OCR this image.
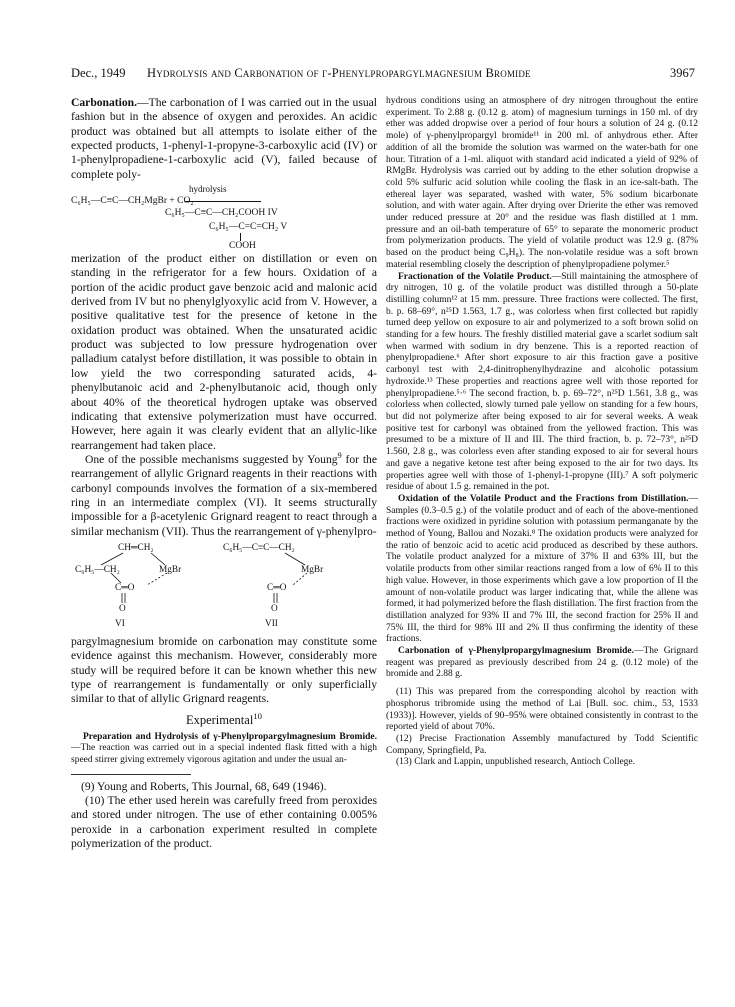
Dec., 1949 Hydrolysis and Carbonation of γ-Phenylpropargylmagnesium Bromide	3967

Carbonation.—The carbonation of I was carried out in the usual fashion but in the absence of oxygen and peroxides. An acidic product was obtained but all attempts to isolate either of the expected products, 1-phenyl-1-propyne-3-carboxylic acid (IV) or 1-phenylpropadiene-1-carboxylic acid (V), failed because of complete poly-

C₆H₅—C≡C—CH₂MgBr + CO₂
hydrolysis
C₆H₅—C≡C—CH₂COOH IV
C₆H₅—C=C=CH₂ V
COOH

merization of the product either on distillation or even on standing in the refrigerator for a few hours. Oxidation of a portion of the acidic product gave benzoic acid and malonic acid derived from IV but no phenylglyoxylic acid from V. However, a positive qualitative test for the presence of ketone in the oxidation product was obtained. When the unsaturated acidic product was subjected to low pressure hydrogenation over palladium catalyst before distillation, it was possible to obtain in low yield the two corresponding saturated acids, 4-phenylbutanoic acid and 2-phenylbutanoic acid, though only about 40% of the theoretical hydrogen uptake was observed indicating that extensive polymerization must have occurred. However, here again it was clearly evident that an allylic-like rearrangement had taken place.

One of the possible mechanisms suggested by Young$^9$ for the rearrangement of allylic Grignard reagents in their reactions with carbonyl compounds involves the formation of a six-membered ring in an intermediate complex (VI). It seems structurally impossible for a β-acetylenic Grignard reagent to react through a similar mechanism (VII). Thus the rearrangement of γ-phenylpro-

CH═CH₂
C₆H₅—CH₂	MgBr
C═O
O
VI
C₆H₅—C≡C—CH₂
MgBr
C═O
O
VII

pargylmagnesium bromide on carbonation may constitute some evidence against this mechanism. However, considerably more study will be required before it can be known whether this new type of rearrangement is fundamentally or only superficially similar to that of allylic Grignard reagents.

Experimental$^{10}$

Preparation and Hydrolysis of γ-Phenylpropargylmagnesium Bromide.—The reaction was carried out in a special indented flask fitted with a high speed stirrer giving extremely vigorous agitation and under the usual an-

(9) Young and Roberts, This Journal, 68, 649 (1946).

(10) The ether used herein was carefully freed from peroxides and stored under nitrogen. The use of ether containing 0.005% peroxide in a carbonation experiment resulted in complete polymerization of the product.

hydrous conditions using an atmosphere of dry nitrogen throughout the entire experiment. To 2.88 g. (0.12 g. atom) of magnesium turnings in 150 ml. of dry ether was added dropwise over a period of four hours a solution of 24 g. (0.12 mole) of γ-phenylpropargyl bromide¹¹ in 200 ml. of anhydrous ether. After addition of all the bromide the solution was warmed on the water-bath for one hour. Titration of a 1-ml. aliquot with standard acid indicated a yield of 92% of RMgBr. Hydrolysis was carried out by adding to the ether solution dropwise a cold 5% sulfuric acid solution while cooling the flask in an ice-salt-bath. The ethereal layer was separated, washed with water, 5% sodium bicarbonate solution, and with water again. After drying over Drierite the ether was removed under reduced pressure at 20° and the residue was flash distilled at 1 mm. pressure and an oil-bath temperature of 65° to separate the monomeric product from polymerization products. The yield of volatile product was 12.9 g. (87% based on the product being C₉H₈). The non-volatile residue was a soft brown material resembling closely the description of phenylpropadiene polymer.⁵

Fractionation of the Volatile Product.—Still maintaining the atmosphere of dry nitrogen, 10 g. of the volatile product was distilled through a 50-plate distilling column¹² at 15 mm. pressure. Three fractions were collected. The first, b. p. 68–69°, n²⁵D 1.563, 1.7 g., was colorless when first collected but rapidly turned deep yellow on exposure to air and polymerized to a soft brown solid on standing for a few hours. The freshly distilled material gave a scarlet sodium salt when warmed with sodium in dry benzene. This is a reported reaction of phenylpropadiene.⁶ After short exposure to air this fraction gave a positive carbonyl test with 2,4-dinitrophenylhydrazine and alcoholic potassium hydroxide.¹³ These properties and reactions agree well with those reported for phenylpropadiene.⁵·⁶ The second fraction, b. p. 69–72°, n²⁵D 1.561, 3.8 g., was colorless when collected, slowly turned pale yellow on standing for a few hours, but did not polymerize after being exposed to air for several weeks. A weak positive test for carbonyl was obtained from the yellowed fraction. This was presumed to be a mixture of II and III. The third fraction, b. p. 72–73°, n²⁵D 1.560, 2.8 g., was colorless even after standing exposed to air for several hours and gave a negative ketone test after being exposed to the air for two days. Its properties agree well with those of 1-phenyl-1-propyne (III).⁷ A soft polymeric residue of about 1.5 g. remained in the pot.

Oxidation of the Volatile Product and the Fractions from Distillation.—Samples (0.3–0.5 g.) of the volatile product and of each of the above-mentioned fractions were oxidized in pyridine solution with potassium permanganate by the method of Young, Ballou and Nozaki.⁸ The oxidation products were analyzed for the ratio of benzoic acid to acetic acid produced as described by these authors. The volatile product analyzed for a mixture of 37% II and 63% III, but the volatile products from other similar reactions ranged from a low of 6% II to this high value. However, in those experiments which gave a low proportion of II the amount of non-volatile product was larger indicating that, while the allene was formed, it had polymerized before the flash distillation. The first fraction from the distillation analyzed for 93% II and 7% III, the second fraction for 25% II and 75% III, the third for 98% III and 2% II thus confirming the identity of these fractions.

Carbonation of γ-Phenylpropargylmagnesium Bromide.—The Grignard reagent was prepared as previously described from 24 g. (0.12 mole) of the bromide and 2.88 g.

(11) This was prepared from the corresponding alcohol by reaction with phosphorus tribromide using the method of Lai [Bull. soc. chim., 53, 1533 (1933)]. However, yields of 90–95% were obtained consistently in contrast to the reported yield of about 70%.

(12) Precise Fractionation Assembly manufactured by Todd Scientific Company, Springfield, Pa.

(13) Clark and Lappin, unpublished research, Antioch College.
